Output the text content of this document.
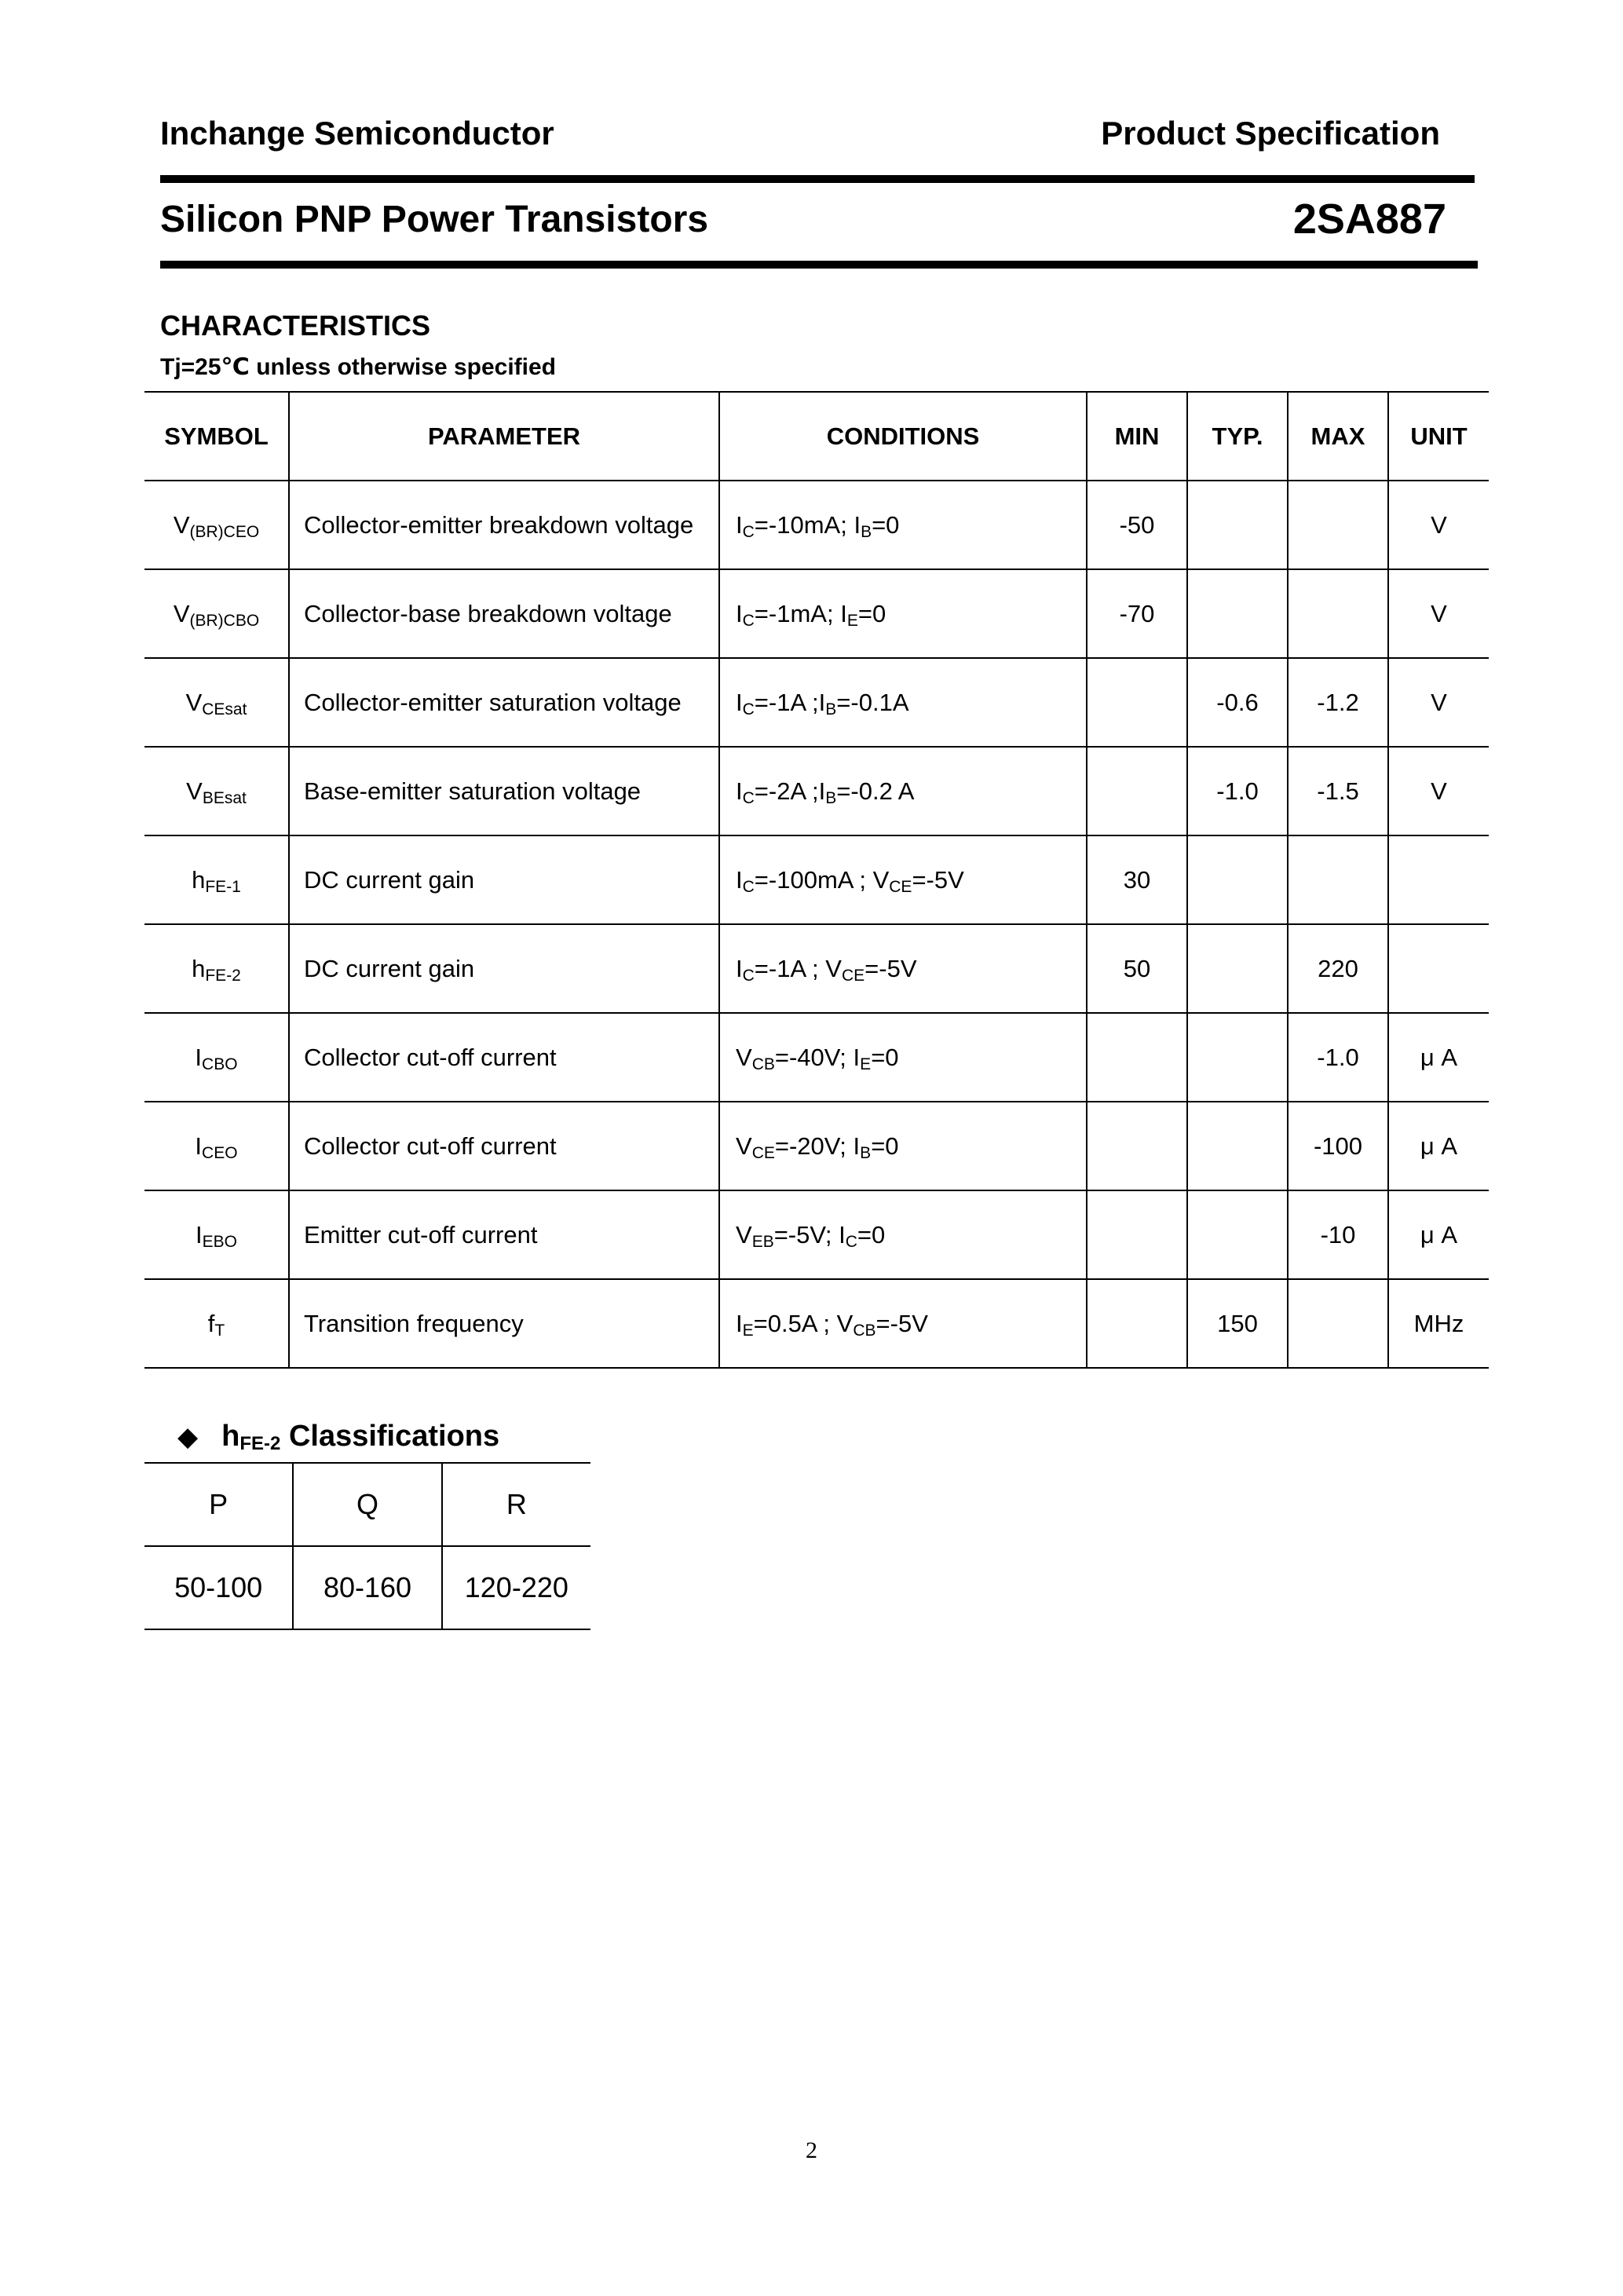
Inchange Semiconductor	Product Specification
Silicon PNP Power Transistors	2SA887
CHARACTERISTICS
Tj=25℃ unless otherwise specified
SYMBOL	PARAMETER	CONDITIONS	MIN	TYP.	MAX	UNIT
$V_{(BR)CEO}$	Collector-emitter breakdown voltage	$I_C=-10mA$; $I_B=0$	-50			V
$V_{(BR)CBO}$	Collector-base breakdown voltage	$I_C=-1mA$; $I_E=0$	-70			V
$V_{CEsat}$	Collector-emitter saturation voltage	$I_C=-1A$ $;I_B=-0.1A$		-0.6	-1.2	V
$V_{BEsat}$	Base-emitter saturation voltage	$I_C=-2A$ $;I_B=-0.2$ A		-1.0	-1.5	V
$h_{FE-1}$	DC current gain	$I_C=-100mA$ ; $V_{CE}=-5V$	30			
$h_{FE-2}$	DC current gain	$I_C=-1A$ ; $V_{CE}=-5V$	50		220	
$I_{CBO}$	Collector cut-off current	$V_{CB}=-40V$; $I_E=0$			-1.0	μ A
$I_{CEO}$	Collector cut-off current	$V_{CE}=-20V$; $I_B=0$			-100	μ A
$I_{EBO}$	Emitter cut-off current	$V_{EB}=-5V$; $I_C=0$			-10	μ A
$f_T$	Transition frequency	$I_E=0.5A$ ; $V_{CB}=-5V$		150		MHz
◆ $h_{FE-2}$ Classifications
P	Q	R
50-100	80-160	120-220
2
